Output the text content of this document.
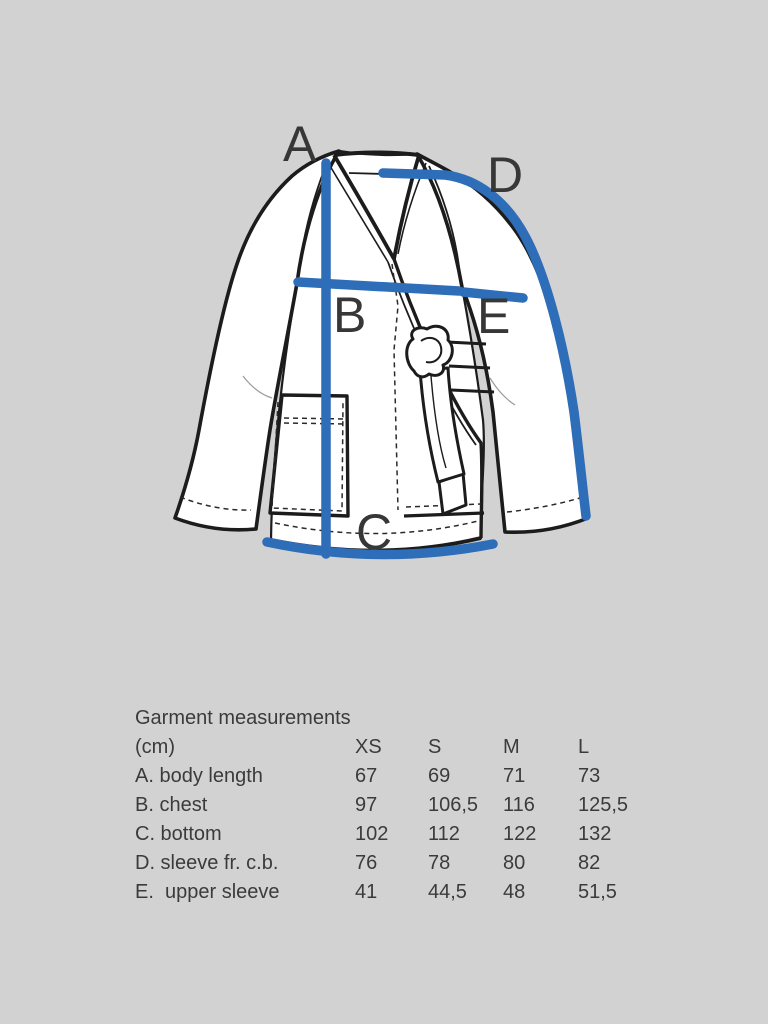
A
B
C
D
E
Garment measurements
(cm)	XS	S	M	L
A. body length	67	69	71	73
B. chest	97	106,5	116	125,5
C. bottom	102	112	122	132
D. sleeve fr. c.b.	76	78	80	82
E.  upper sleeve	41	44,5	48	51,5
